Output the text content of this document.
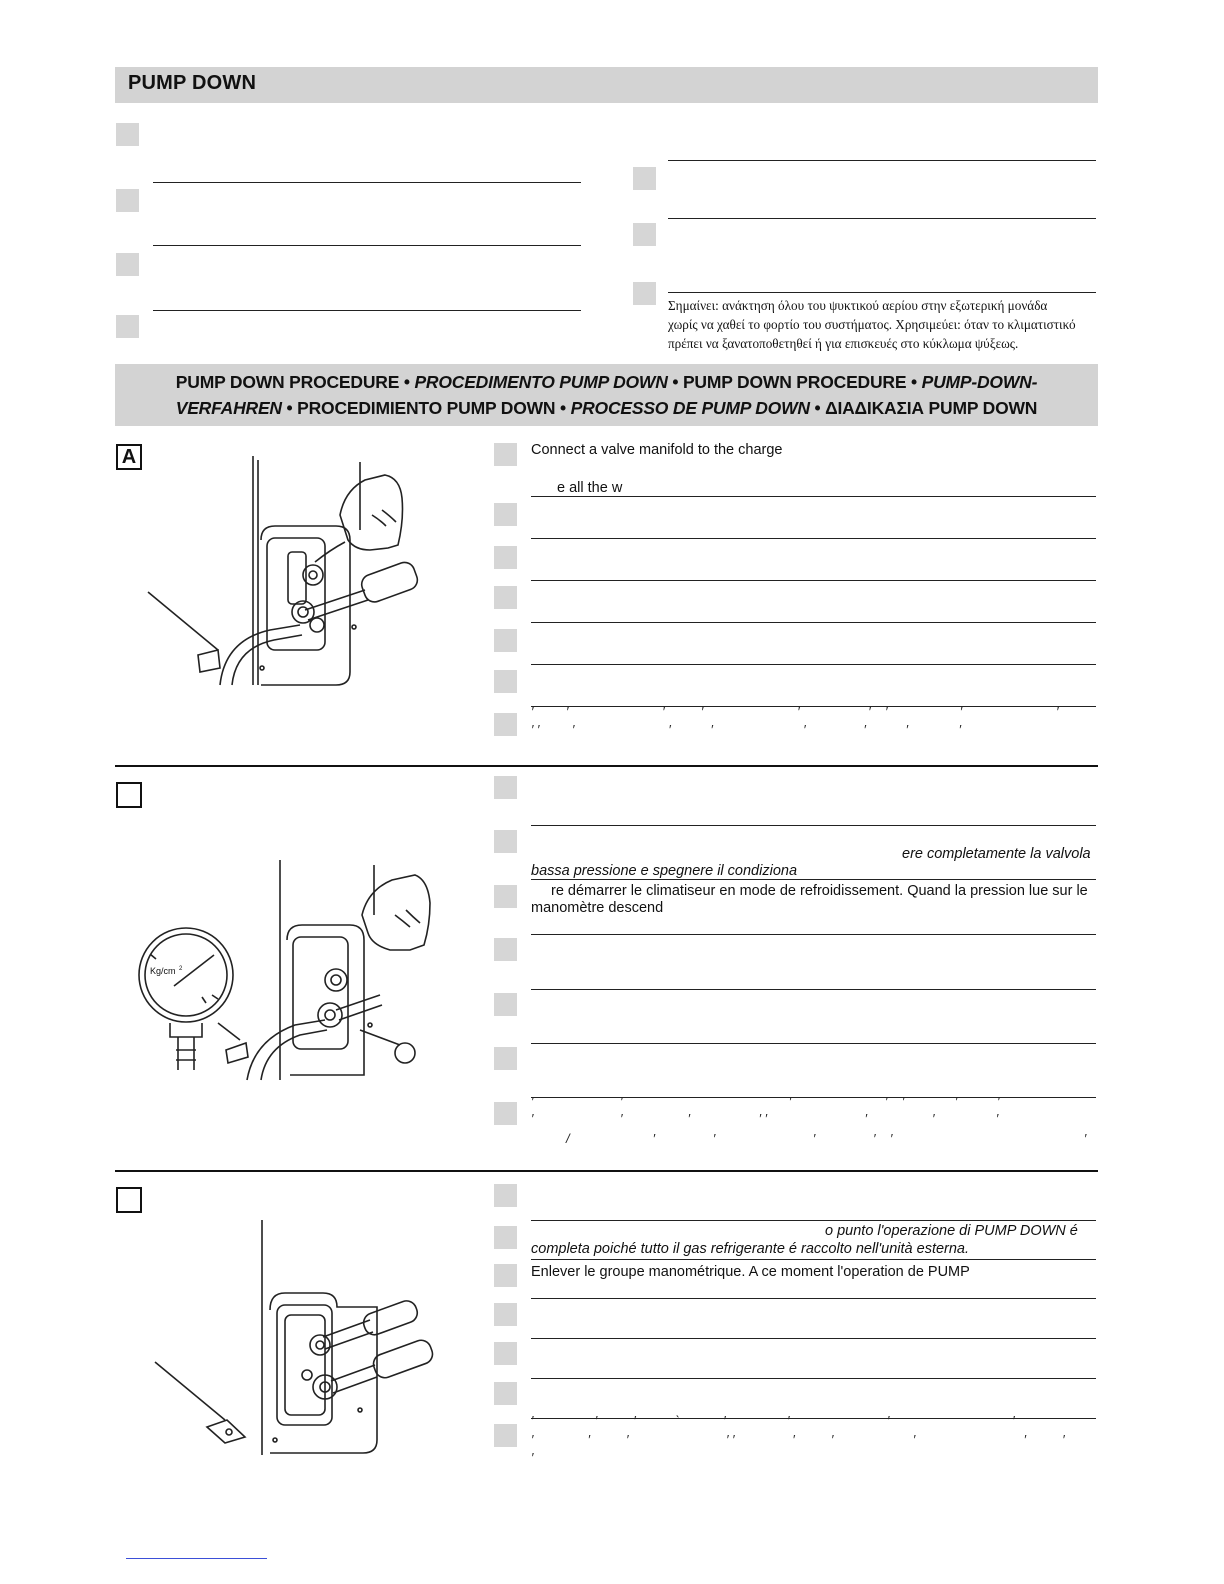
PUMP DOWN
Σημαίνει: ανάκτηση όλου του ψυκτικού αερίου στην εξωτερική μονάδα
χωρίς να χαθεί το φορτίο του συστήματος. Χρησιμεύει: όταν το κλιματιστικό
πρέπει να ξανατοποθετηθεί ή για επισκευές στο κύκλωμα ψύξεως.
PUMP DOWN PROCEDURE • PROCEDIMENTO PUMP DOWN • PUMP DOWN PROCEDURE • PUMP-DOWN-
VERFAHREN • PROCEDIMIENTO PUMP DOWN • PROCESSO DE PUMP DOWN • ΔΙΑΔΙΚΑΣΙΑ PUMP DOWN
A	Connect a valve manifold to the charge
e all the w
′         ′                          ′          ′                          ′                   ′    ′                    ′                          ′
′ ′         ′                          ′           ′                         ′                ′           ′              ′
Kg/cm 2
ere completamente la valvola
bassa pressione e spegnere il condiziona
re démarrer le climatiseur en mode de refroidissement. Quand la pression lue sur le
manomètre descend
′                        ′                                              ′                          ′    ′              ′           ′
′                        ′                  ′                   ′ ′                           ′                  ′                 ′
/                       ′                ′                           ′                ′    ′                                                     ′
o punto l'operazione di PUMP DOWN é
completa poiché tutto il gas refrigerante é raccolto nell'unità esterna.
Enlever le groupe manométrique. A ce moment l'operation de PUMP
′                 ′          ′           `            ′                 ′                           ′                                  ′
′               ′          ′                           ′ ′                ′          ′                      ′                              ′          ′
′
